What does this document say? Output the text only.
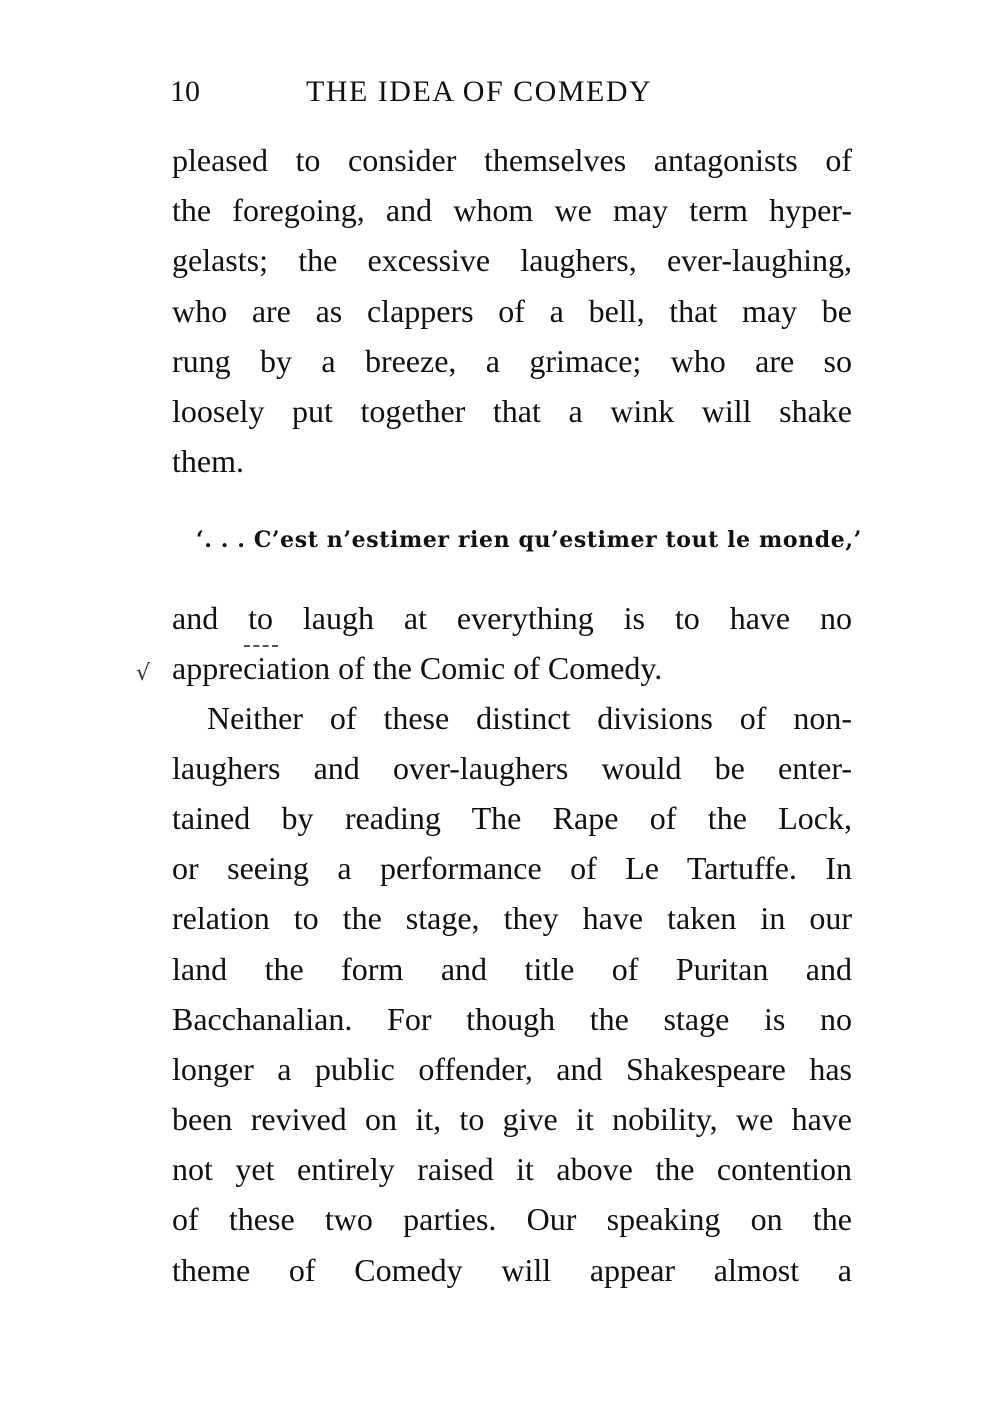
10	THE IDEA OF COMEDY
pleased to consider themselves antagonists of
the foregoing, and whom we may term hyper-
gelasts; the excessive laughers, ever-laughing,
who are as clappers of a bell, that may be
rung by a breeze, a grimace; who are so
loosely put together that a wink will shake
them.
‘. . . C’est n’estimer rien qu’estimer tout le monde,’
and to laugh at everything is to have no
appreciation of the Comic of Comedy.
√
Neither of these distinct divisions of non-
laughers and over-laughers would be enter-
tained by reading The Rape of the Lock,
or seeing a performance of Le Tartuffe. In
relation to the stage, they have taken in our
land the form and title of Puritan and
Bacchanalian. For though the stage is no
longer a public offender, and Shakespeare has
been revived on it, to give it nobility, we have
not yet entirely raised it above the contention
of these two parties. Our speaking on the
theme of Comedy will appear almost a
